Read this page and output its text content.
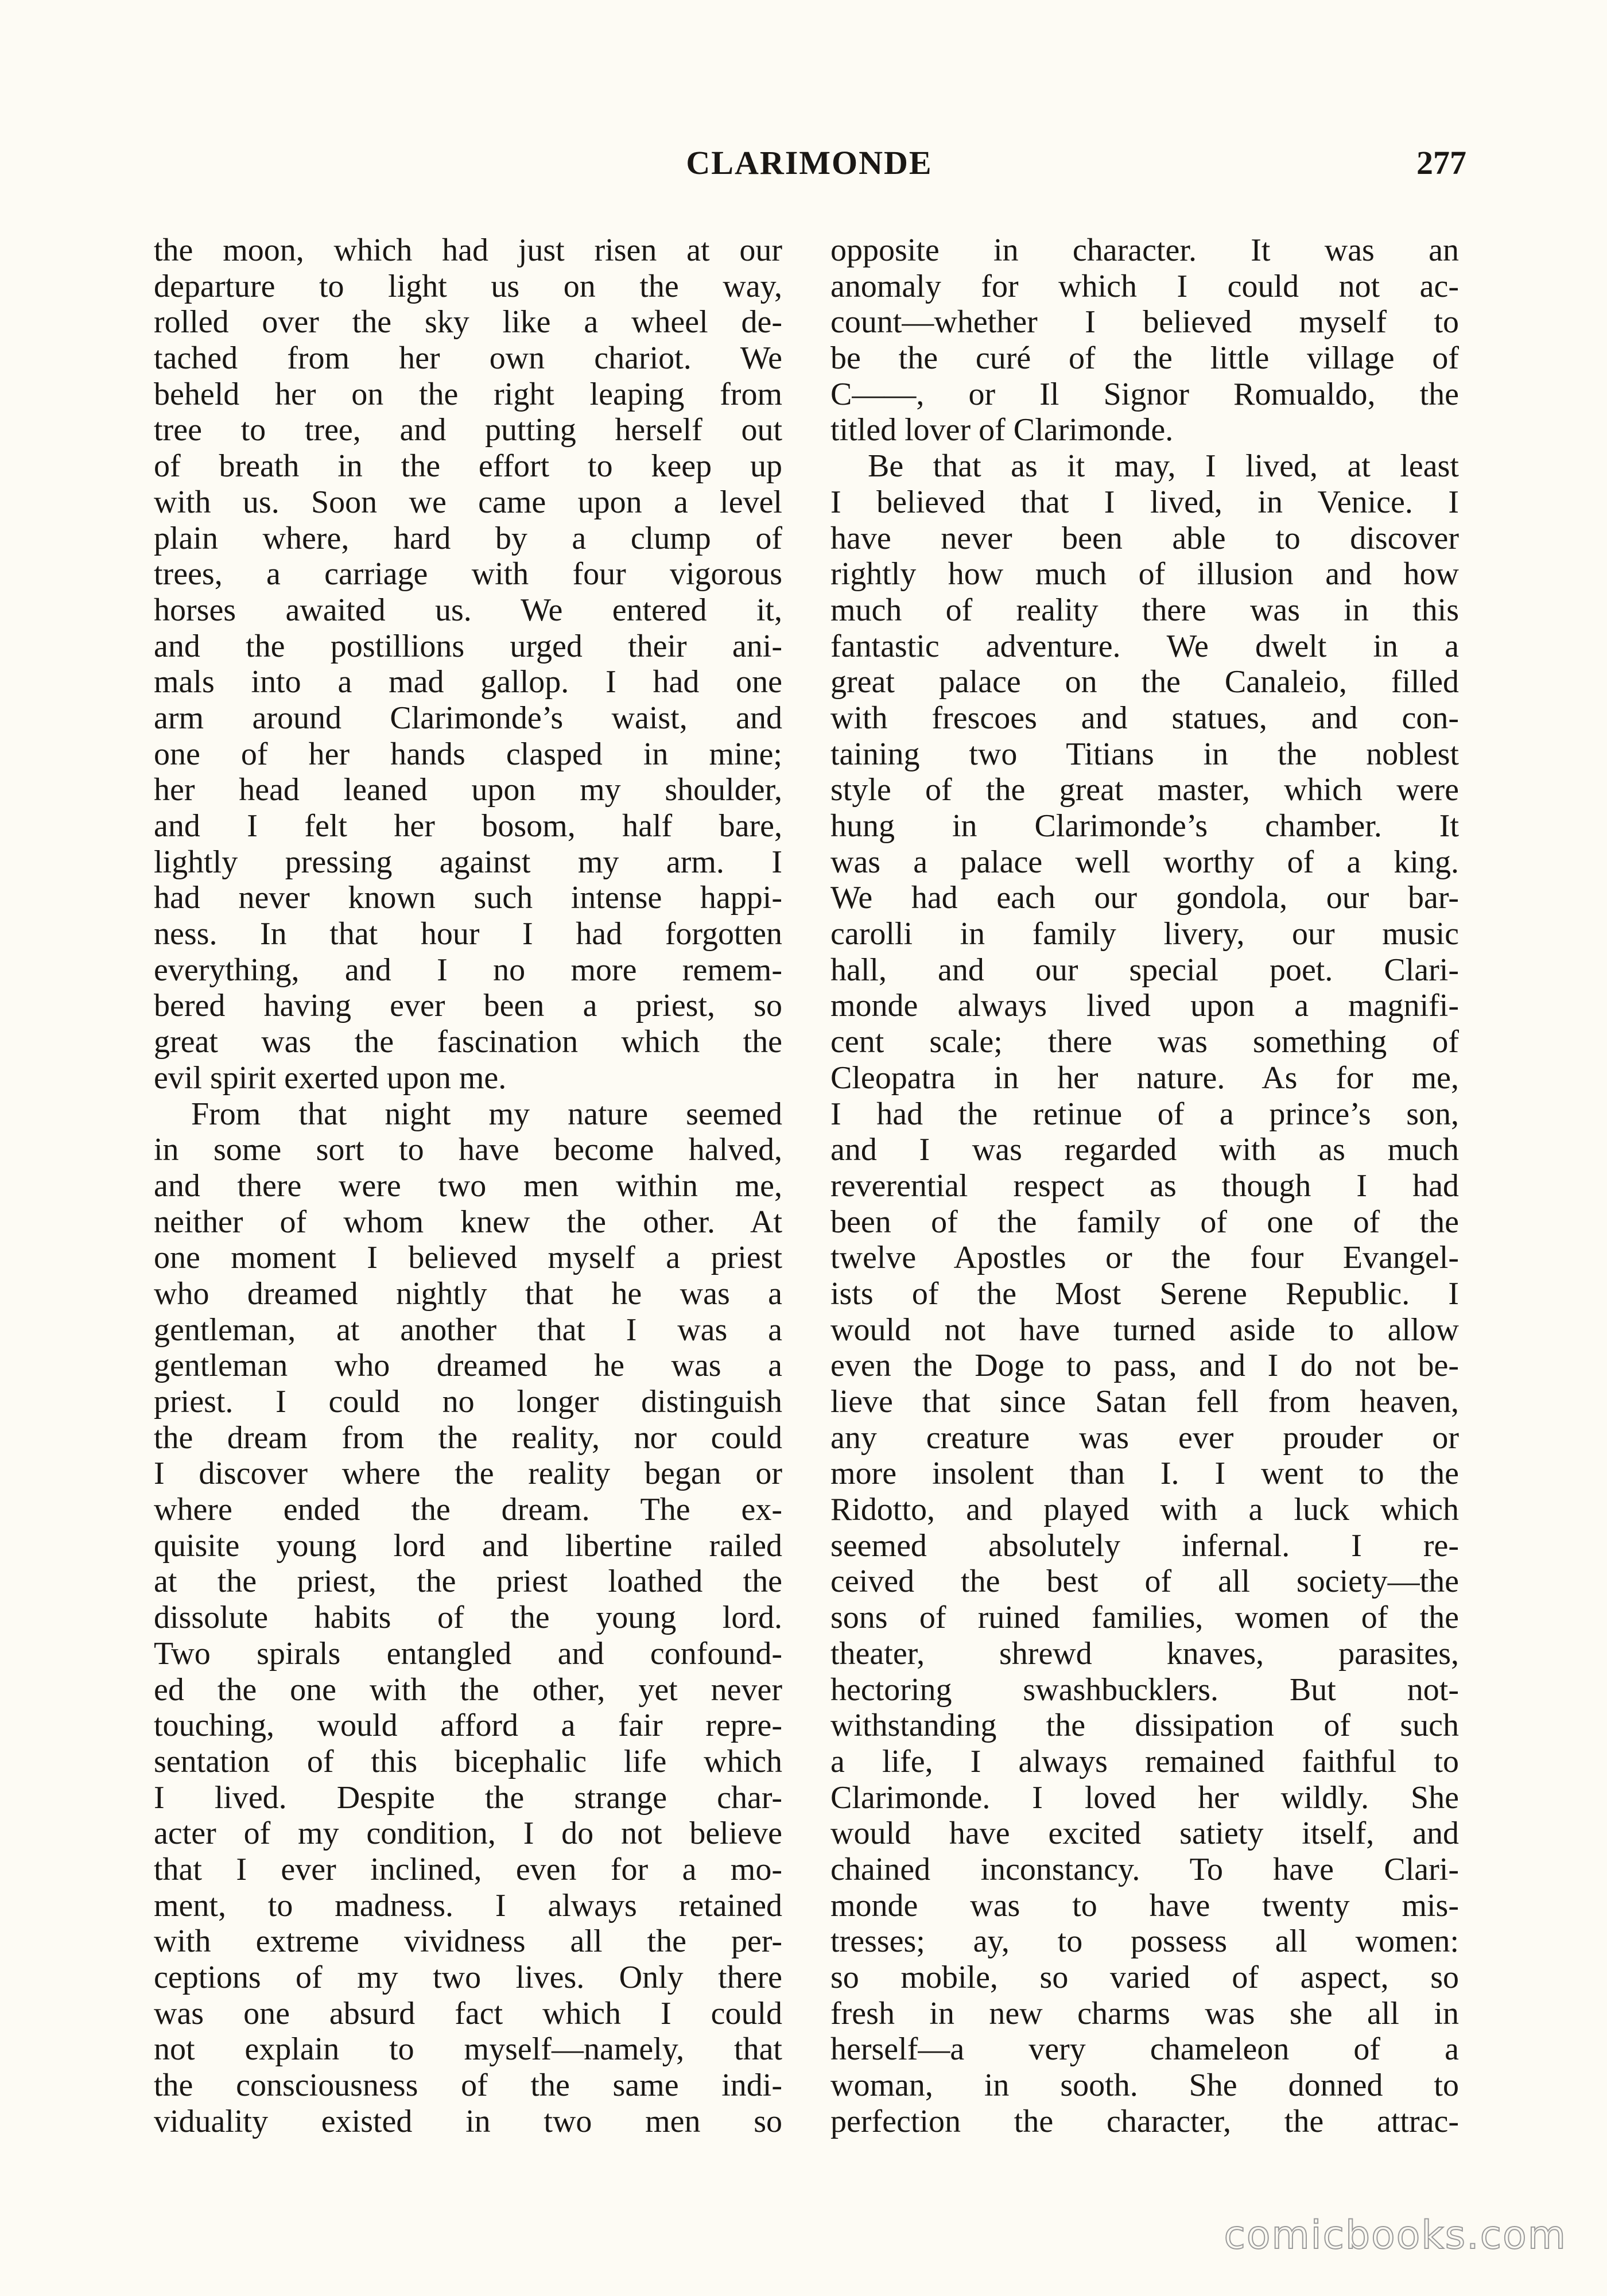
CLARIMONDE	277
the moon, which had just risen at our
departure to light us on the way,
rolled over the sky like a wheel de-
tached from her own chariot. We
beheld her on the right leaping from
tree to tree, and putting herself out
of breath in the effort to keep up
with us. Soon we came upon a level
plain where, hard by a clump of
trees, a carriage with four vigorous
horses awaited us. We entered it,
and the postillions urged their ani-
mals into a mad gallop. I had one
arm around Clarimonde’s waist, and
one of her hands clasped in mine;
her head leaned upon my shoulder,
and I felt her bosom, half bare,
lightly pressing against my arm. I
had never known such intense happi-
ness. In that hour I had forgotten
everything, and I no more remem-
bered having ever been a priest, so
great was the fascination which the
evil spirit exerted upon me.
From that night my nature seemed
in some sort to have become halved,
and there were two men within me,
neither of whom knew the other. At
one moment I believed myself a priest
who dreamed nightly that he was a
gentleman, at another that I was a
gentleman who dreamed he was a
priest. I could no longer distinguish
the dream from the reality, nor could
I discover where the reality began or
where ended the dream. The ex-
quisite young lord and libertine railed
at the priest, the priest loathed the
dissolute habits of the young lord.
Two spirals entangled and confound-
ed the one with the other, yet never
touching, would afford a fair repre-
sentation of this bicephalic life which
I lived. Despite the strange char-
acter of my condition, I do not believe
that I ever inclined, even for a mo-
ment, to madness. I always retained
with extreme vividness all the per-
ceptions of my two lives. Only there
was one absurd fact which I could
not explain to myself—namely, that
the consciousness of the same indi-
viduality existed in two men so
opposite in character. It was an
anomaly for which I could not ac-
count—whether I believed myself to
be the curé of the little village of
C——, or Il Signor Romualdo, the
titled lover of Clarimonde.
Be that as it may, I lived, at least
I believed that I lived, in Venice. I
have never been able to discover
rightly how much of illusion and how
much of reality there was in this
fantastic adventure. We dwelt in a
great palace on the Canaleio, filled
with frescoes and statues, and con-
taining two Titians in the noblest
style of the great master, which were
hung in Clarimonde’s chamber. It
was a palace well worthy of a king.
We had each our gondola, our bar-
carolli in family livery, our music
hall, and our special poet. Clari-
monde always lived upon a magnifi-
cent scale; there was something of
Cleopatra in her nature. As for me,
I had the retinue of a prince’s son,
and I was regarded with as much
reverential respect as though I had
been of the family of one of the
twelve Apostles or the four Evangel-
ists of the Most Serene Republic. I
would not have turned aside to allow
even the Doge to pass, and I do not be-
lieve that since Satan fell from heaven,
any creature was ever prouder or
more insolent than I. I went to the
Ridotto, and played with a luck which
seemed absolutely infernal. I re-
ceived the best of all society—the
sons of ruined families, women of the
theater, shrewd knaves, parasites,
hectoring swashbucklers. But not-
withstanding the dissipation of such
a life, I always remained faithful to
Clarimonde. I loved her wildly. She
would have excited satiety itself, and
chained inconstancy. To have Clari-
monde was to have twenty mis-
tresses; ay, to possess all women:
so mobile, so varied of aspect, so
fresh in new charms was she all in
herself—a very chameleon of a
woman, in sooth. She donned to
perfection the character, the attrac-
comicbooks.com
